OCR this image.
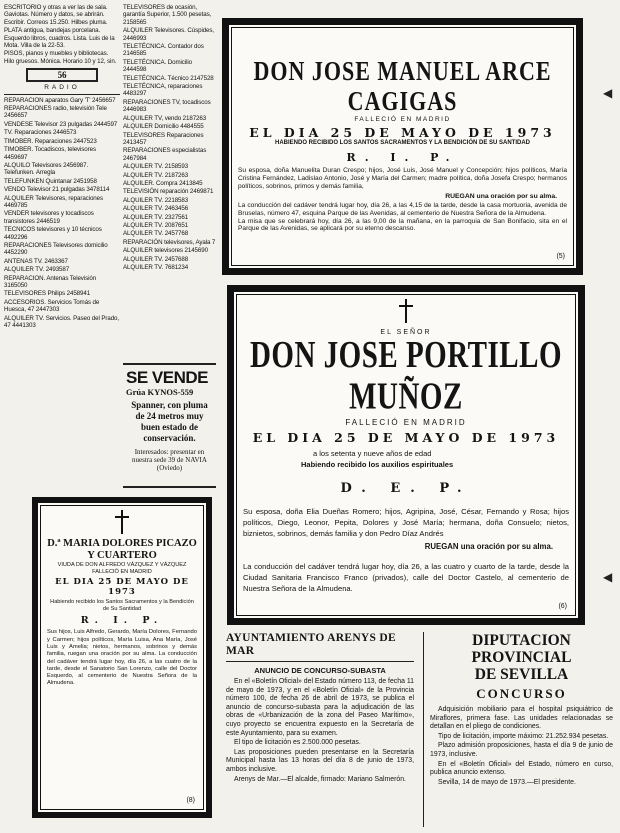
ESCRITORIO y otras a ver las de sala. Gaviotas. Número y datos, se abrirán. Escribir. Correos 15.250. Hilbes pluma.

PLATA antigua, bandejas porcelana. Esquerdo libros, cuadros. Lista. Luis de la Mota. Villa de la 22-53.

PISOS, pianos y muebles y bibliotecas. Hilo gruesos. Mónica. Horario 10 y 12, sin.

56
RADIO

REPARACION aparatos Gary 'T' 2456657

REPARACIONES radio, televisión Tele 2456657

VENDESE Televisor 23 pulgadas 2444597

TV. Reparaciones 2446573

TIMOBER. Reparaciones 2447523

TIMOBER. Tocadiscos, televisores 4459697

ALQUILO Televisores 2456987. Telefunken. Arregla

TELEFUNKEN Quintanar 2451958

VENDO Televisor 21 pulgadas 3478114

ALQUILER Televisores, reparaciones 4469785

VENDER televisores y tocadiscos transistores 2446519

TECNICOS televisores y 10 técnicos 4492296

REPARACIONES Televisores domicilio 4452290

ANTENAS TV. 2463367

ALQUILER TV. 2493587

REPARACION. Antenas Televisión 3165050

TELEVISORES Philips 2458941

ACCESORIOS. Servicios Tomás de Huesca, 47 2447303

ALQUILER TV. Servicios. Paseo del Prado, 47 4441303

TELEVISORES de ocasión, garantía Superior, 1.500 pesetas, 2158565

ALQUILER Televisores. Cúspides, 2446993

TELETÉCNICA. Contador dos 2146585

TELETÉCNICA. Domicilio 2444598

TELETÉCNICA. Técnico 2147528

TELETÉCNICA, reparaciones 4483297

REPARACIONES TV, tocadiscos 2446983

ALQUILER TV, vendo 2187263

ALQUILER Domicilio 4484555

TELEVISORES Reparaciones 2413457

REPARACIONES especialistas 2467984

ALQUILER TV. 2158593

ALQUILER TV. 2187263

ALQUILER. Compra 2413845

TELEVISIÓN reparación 2469871

ALQUILER TV. 2218583

ALQUILER TV. 2463456

ALQUILER TV. 2327561

ALQUILER TV. 2087651

ALQUILER TV. 2457768

REPARACIÓN televisores, Ayala 7

ALQUILER televisores 2145690

ALQUILER TV. 2457688

ALQUILER TV. 7681234

SE VENDE
Grúa KYNOS-559
Spanner, con pluma de 24 metros muy buen estado de conservación.
Interesados: presentar en nuestra sede 39 de NAVIA (Oviedo)
DON JOSE MANUEL ARCE CAGIGAS
FALLECIÓ EN MADRID
EL DIA 25 DE MAYO DE 1973
HABIENDO RECIBIDO LOS SANTOS SACRAMENTOS Y LA BENDICIÓN DE SU SANTIDAD
R. I. P.
Su esposa, doña Manuelita Duran Crespo; hijos, José Luis, José Manuel y Concepción; hijos políticos, María Cristina Fernández, Ladislao Antonio, José y María del Carmen; madre política, doña Josefa Crespo; hermanos políticos, sobrinos, primos y demás familia,
RUEGAN una oración por su alma.
La conducción del cadáver tendrá lugar hoy, día 26, a las 4,15 de la tarde, desde la casa mortuoria, avenida de Bruselas, número 47, esquina Parque de las Avenidas, al cementerio de Nuestra Señora de la Almudena.
La misa que se celebrará hoy, día 26, a las 9,00 de la mañana, en la parroquia de San Bonifacio, sita en el Parque de las Avenidas, se aplicará por su eterno descanso.
(5)
EL SEÑOR
DON JOSE PORTILLO MUÑOZ
FALLECIÓ EN MADRID
EL DIA 25 DE MAYO DE 1973
a los setenta y nueve años de edad
Habiendo recibido los auxilios espirituales
D. E. P.
Su esposa, doña Elia Dueñas Romero; hijos, Agripina, José, César, Fernando y Rosa; hijos políticos, Diego, Leonor, Pepita, Dolores y José María; hermana, doña Consuelo; nietos, biznietos, sobrinos, demás familia y don Pedro Díaz Andrés
RUEGAN una oración por su alma.
La conducción del cadáver tendrá lugar hoy, día 26, a las cuatro y cuarto de la tarde, desde la Ciudad Sanitaria Francisco Franco (privados), calle del Doctor Castelo, al cementerio de Nuestra Señora de la Almudena.
(6)
D.ª MARIA DOLORES PICAZO Y CUARTERO
VIUDA DE DON ALFREDO VÁZQUEZ Y VÁZQUEZ
FALLECIÓ EN MADRID
EL DIA 25 DE MAYO DE 1973
Habiendo recibido los Santos Sacramentos y la Bendición de Su Santidad
R. I. P.
Sus hijos, Luis Alfredo, Gerardo, María Dolores, Fernando y Carmen; hijos políticos, María Luisa, Ana María, José Luis y Amelia; nietos, hermanos, sobrinos y demás familia, ruegan una oración por su alma. La conducción del cadáver tendrá lugar hoy, día 26, a las cuatro de la tarde, desde el Sanatorio San Lorenzo, calle del Doctor Esquerdo, al cementerio de Nuestra Señora de la Almudena.
(8)
AYUNTAMIENTO ARENYS DE MAR
ANUNCIO DE CONCURSO-SUBASTA

En el «Boletín Oficial» del Estado número 113, de fecha 11 de mayo de 1973, y en el «Boletín Oficial» de la Provincia número 100, de fecha 26 de abril de 1973, se publica el anuncio de concurso-subasta para la adjudicación de las obras de «Urbanización de la zona del Paseo Marítimo», cuyo proyecto se encuentra expuesto en la Secretaría de este Ayuntamiento, para su examen.

El tipo de licitación es 2.500.000 pesetas.

Las proposiciones pueden presentarse en la Secretaría Municipal hasta las 13 horas del día 8 de junio de 1973, ambos inclusive.

Arenys de Mar.—El alcalde, firmado: Mariano Salmerón.

DIPUTACION PROVINCIAL
DE SEVILLA
CONCURSO

Adquisición mobiliario para el hospital psiquiátrico de Miraflores, primera fase. Las unidades relacionadas se detallan en el pliego de condiciones.

Tipo de licitación, importe máximo: 21.252.934 pesetas.

Plazo admisión proposiciones, hasta el día 9 de junio de 1973, inclusive.

En el «Boletín Oficial» del Estado, número en curso, publica anuncio extenso.

Sevilla, 14 de mayo de 1973.—El presidente.

◀
◀
